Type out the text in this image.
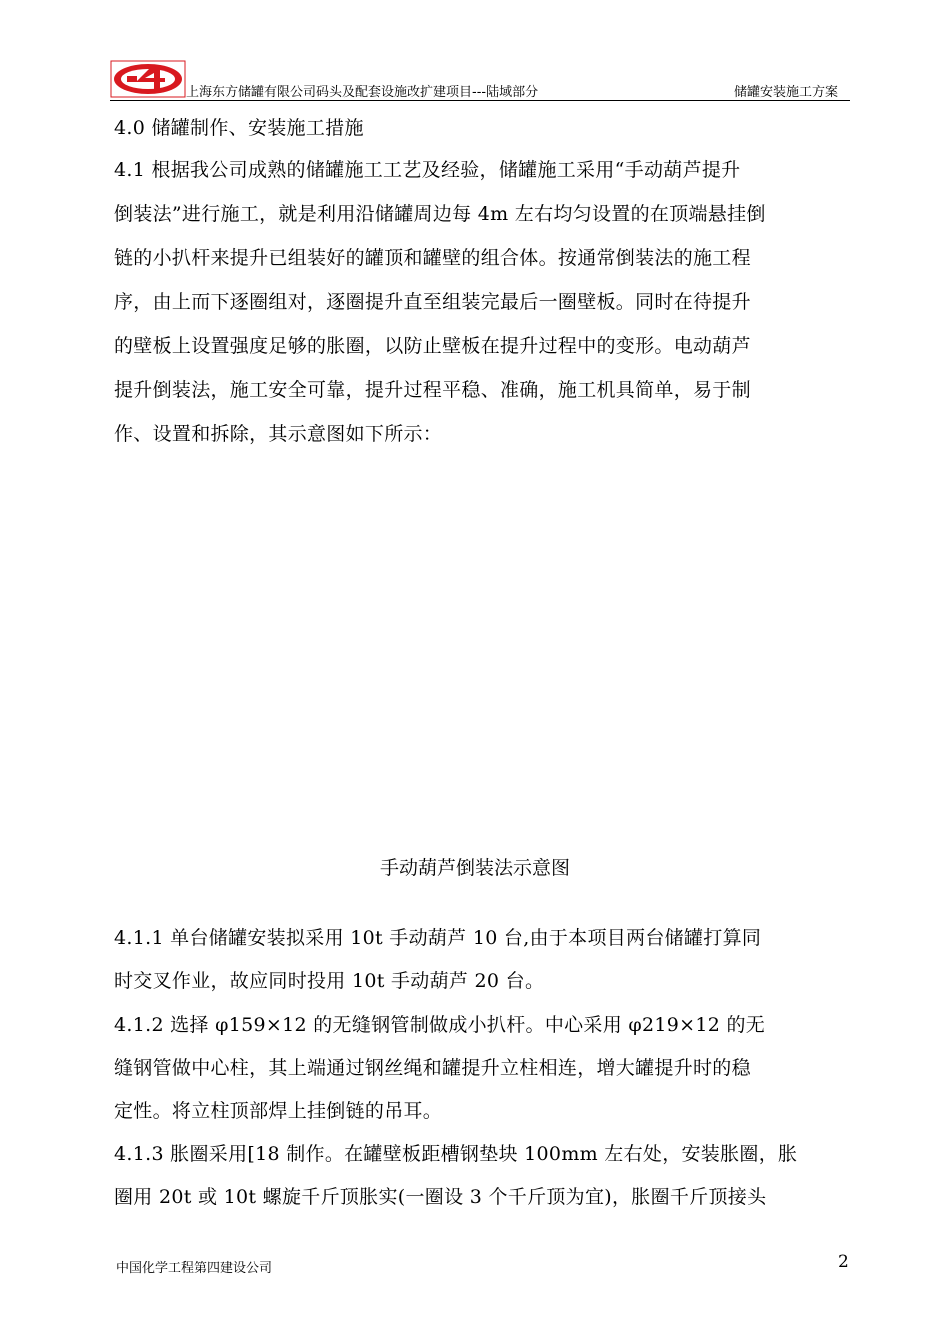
上海东方储罐有限公司码头及配套设施改扩建项目---陆域部分	储罐安装施工方案
4.0 储罐制作、安装施工措施
4.1 根据我公司成熟的储罐施工工艺及经验，储罐施工采用“手动葫芦提升
倒装法”进行施工，就是利用沿储罐周边每 4m 左右均匀设置的在顶端悬挂倒
链的小扒杆来提升已组装好的罐顶和罐壁的组合体。按通常倒装法的施工程
序，由上而下逐圈组对，逐圈提升直至组装完最后一圈壁板。同时在待提升
的壁板上设置强度足够的胀圈，以防止壁板在提升过程中的变形。电动葫芦
提升倒装法，施工安全可靠，提升过程平稳、准确，施工机具简单，易于制
作、设置和拆除，其示意图如下所示：
手动葫芦倒装法示意图
4.1.1 单台储罐安装拟采用 10t 手动葫芦 10 台,由于本项目两台储罐打算同
时交叉作业，故应同时投用 10t 手动葫芦 20 台。
4.1.2 选择 φ159×12 的无缝钢管制做成小扒杆。中心采用 φ219×12 的无
缝钢管做中心柱，其上端通过钢丝绳和罐提升立柱相连，增大罐提升时的稳
定性。将立柱顶部焊上挂倒链的吊耳。
4.1.3 胀圈采用[18 制作。在罐壁板距槽钢垫块 100mm 左右处，安装胀圈，胀
圈用 20t 或 10t 螺旋千斤顶胀实(一圈设 3 个千斤顶为宜)，胀圈千斤顶接头
中国化学工程第四建设公司	2
